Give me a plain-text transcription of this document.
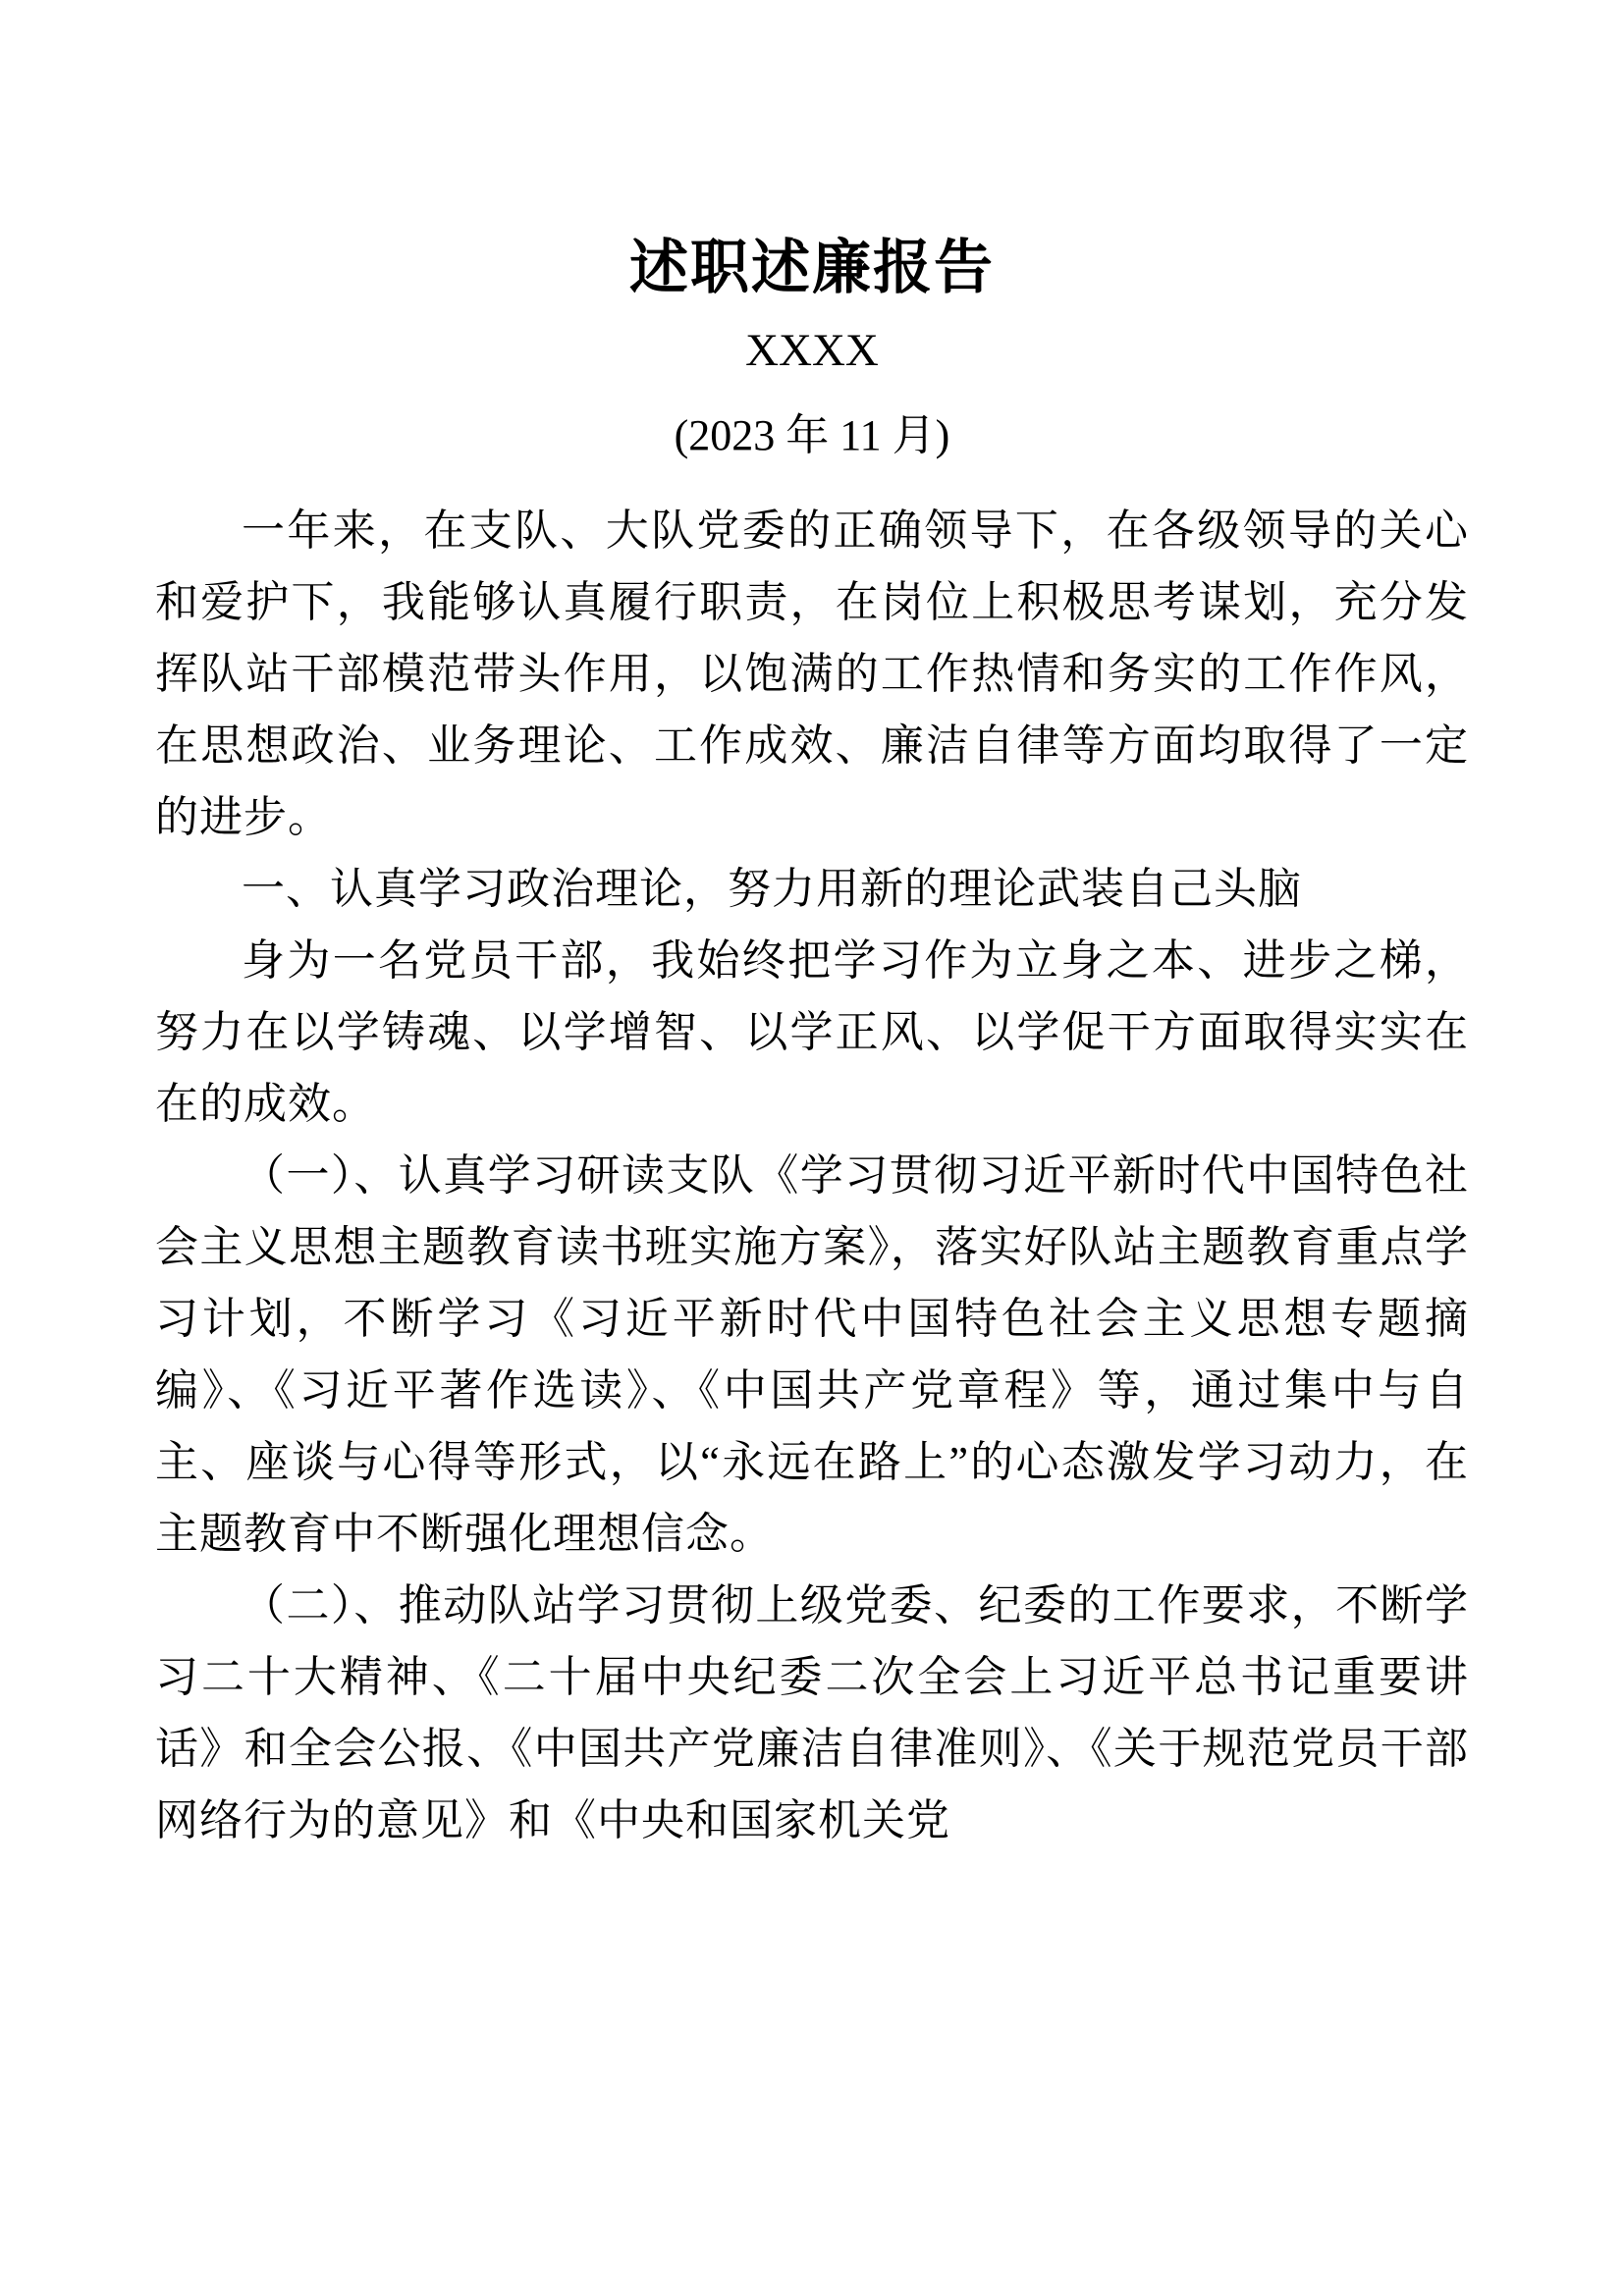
述职述廉报告
XXXX
(2023 年 11 月)

一年来，在支队、大队党委的正确领导下，在各级领导的关心和爱护下，我能够认真履行职责，在岗位上积极思考谋划，充分发挥队站干部模范带头作用，以饱满的工作热情和务实的工作作风，在思想政治、业务理论、工作成效、廉洁自律等方面均取得了一定的进步。

一、认真学习政治理论，努力用新的理论武装自己头脑

身为一名党员干部，我始终把学习作为立身之本、进步之梯，努力在以学铸魂、以学增智、以学正风、以学促干方面取得实实在在的成效。

（一）、认真学习研读支队《学习贯彻习近平新时代中国特色社会主义思想主题教育读书班实施方案》，落实好队站主题教育重点学习计划，不断学习《习近平新时代中国特色社会主义思想专题摘编》、《习近平著作选读》、《中国共产党章程》等，通过集中与自主、座谈与心得等形式，以“永远在路上”的心态激发学习动力，在主题教育中不断强化理想信念。

（二）、推动队站学习贯彻上级党委、纪委的工作要求，不断学习二十大精神、《二十届中央纪委二次全会上习近平总书记重要讲话》和全会公报、《中国共产党廉洁自律准则》、《关于规范党员干部网络行为的意见》和《中央和国家机关党
